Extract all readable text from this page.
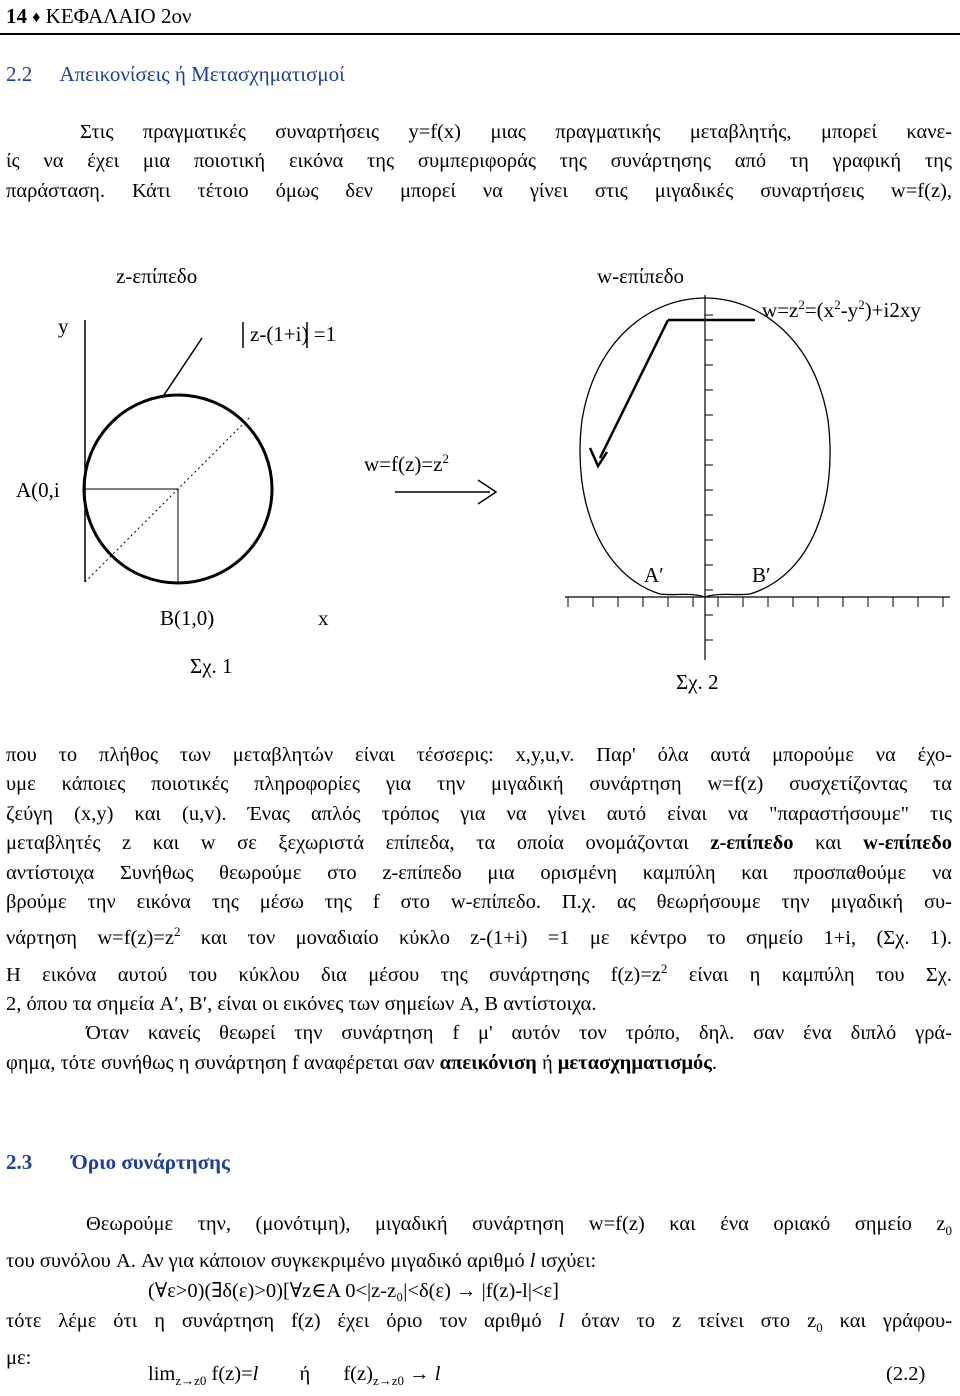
14 ♦ ΚΕΦΑΛΑΙΟ 2ον
2.2 Απεικονίσεις ή Μετασχηματισμοί
Στις πραγματικές συναρτήσεις y=f(x) μιας πραγματικής μεταβλητής, μπορεί κανε-
ίς να έχει μια ποιοτική εικόνα της συμπεριφοράς της συνάρτησης από τη γραφική της
παράσταση. Κάτι τέτοιο όμως δεν μπορεί να γίνει στις μιγαδικές συναρτήσεις w=f(z),
z-επίπεδο
y	z-(1+i) =1
$w=f(z)=z^2$
A(0,i
B(1,0)	x
Σχ. 1
w-επίπεδο
$w=z^2=(x^2-y^2)+i2xy$
A′	B′
Σχ. 2
που το πλήθος των μεταβλητών είναι τέσσερις: x,y,u,v. Παρ' όλα αυτά μπορούμε να έχο-
υμε κάποιες ποιοτικές πληροφορίες για την μιγαδική συνάρτηση w=f(z) συσχετίζοντας τα
ζεύγη (x,y) και (u,v). Ένας απλός τρόπος για να γίνει αυτό είναι να "παραστήσουμε" τις
μεταβλητές z και w σε ξεχωριστά επίπεδα, τα οποία ονομάζονται z-επίπεδο και w-επίπεδο
αντίστοιχα Συνήθως θεωρούμε στο z-επίπεδο μια ορισμένη καμπύλη και προσπαθούμε να
βρούμε την εικόνα της μέσω της f στο w-επίπεδο. Π.χ. ας θεωρήσουμε την μιγαδική συ-
νάρτηση $w=f(z)=z^2$ και τον μοναδιαίο κύκλο z-(1+i) =1 με κέντρο το σημείο 1+i, (Σχ. 1).
Η εικόνα αυτού του κύκλου δια μέσου της συνάρτησης $f(z)=z^2$ είναι η καμπύλη του Σχ.
2, όπου τα σημεία A′, B′, είναι οι εικόνες των σημείων A, B αντίστοιχα.
Όταν κανείς θεωρεί την συνάρτηση f μ' αυτόν τον τρόπο, δηλ. σαν ένα διπλό γρά-
φημα, τότε συνήθως η συνάρτηση f αναφέρεται σαν απεικόνιση ή μετασχηματισμός.
2.3 Όριο συνάρτησης
Θεωρούμε την, (μονότιμη), μιγαδική συνάρτηση w=f(z) και ένα οριακό σημείο $z_0$
του συνόλου A. Αν για κάποιον συγκεκριμένο μιγαδικό αριθμό l ισχύει:
(∀ε>0)(∃δ(ε)>0)[∀z∈A 0<|z-z₀|<δ(ε) → |f(z)-l|<ε]
τότε λέμε ότι η συνάρτηση f(z) έχει όριο τον αριθμό l όταν το z τείνει στο $z_0$ και γράφου-
με:
$\lim_{z\to z0} f(z)=l$ ή $f(z)_{z\to z0} \to l$	(2.2)
